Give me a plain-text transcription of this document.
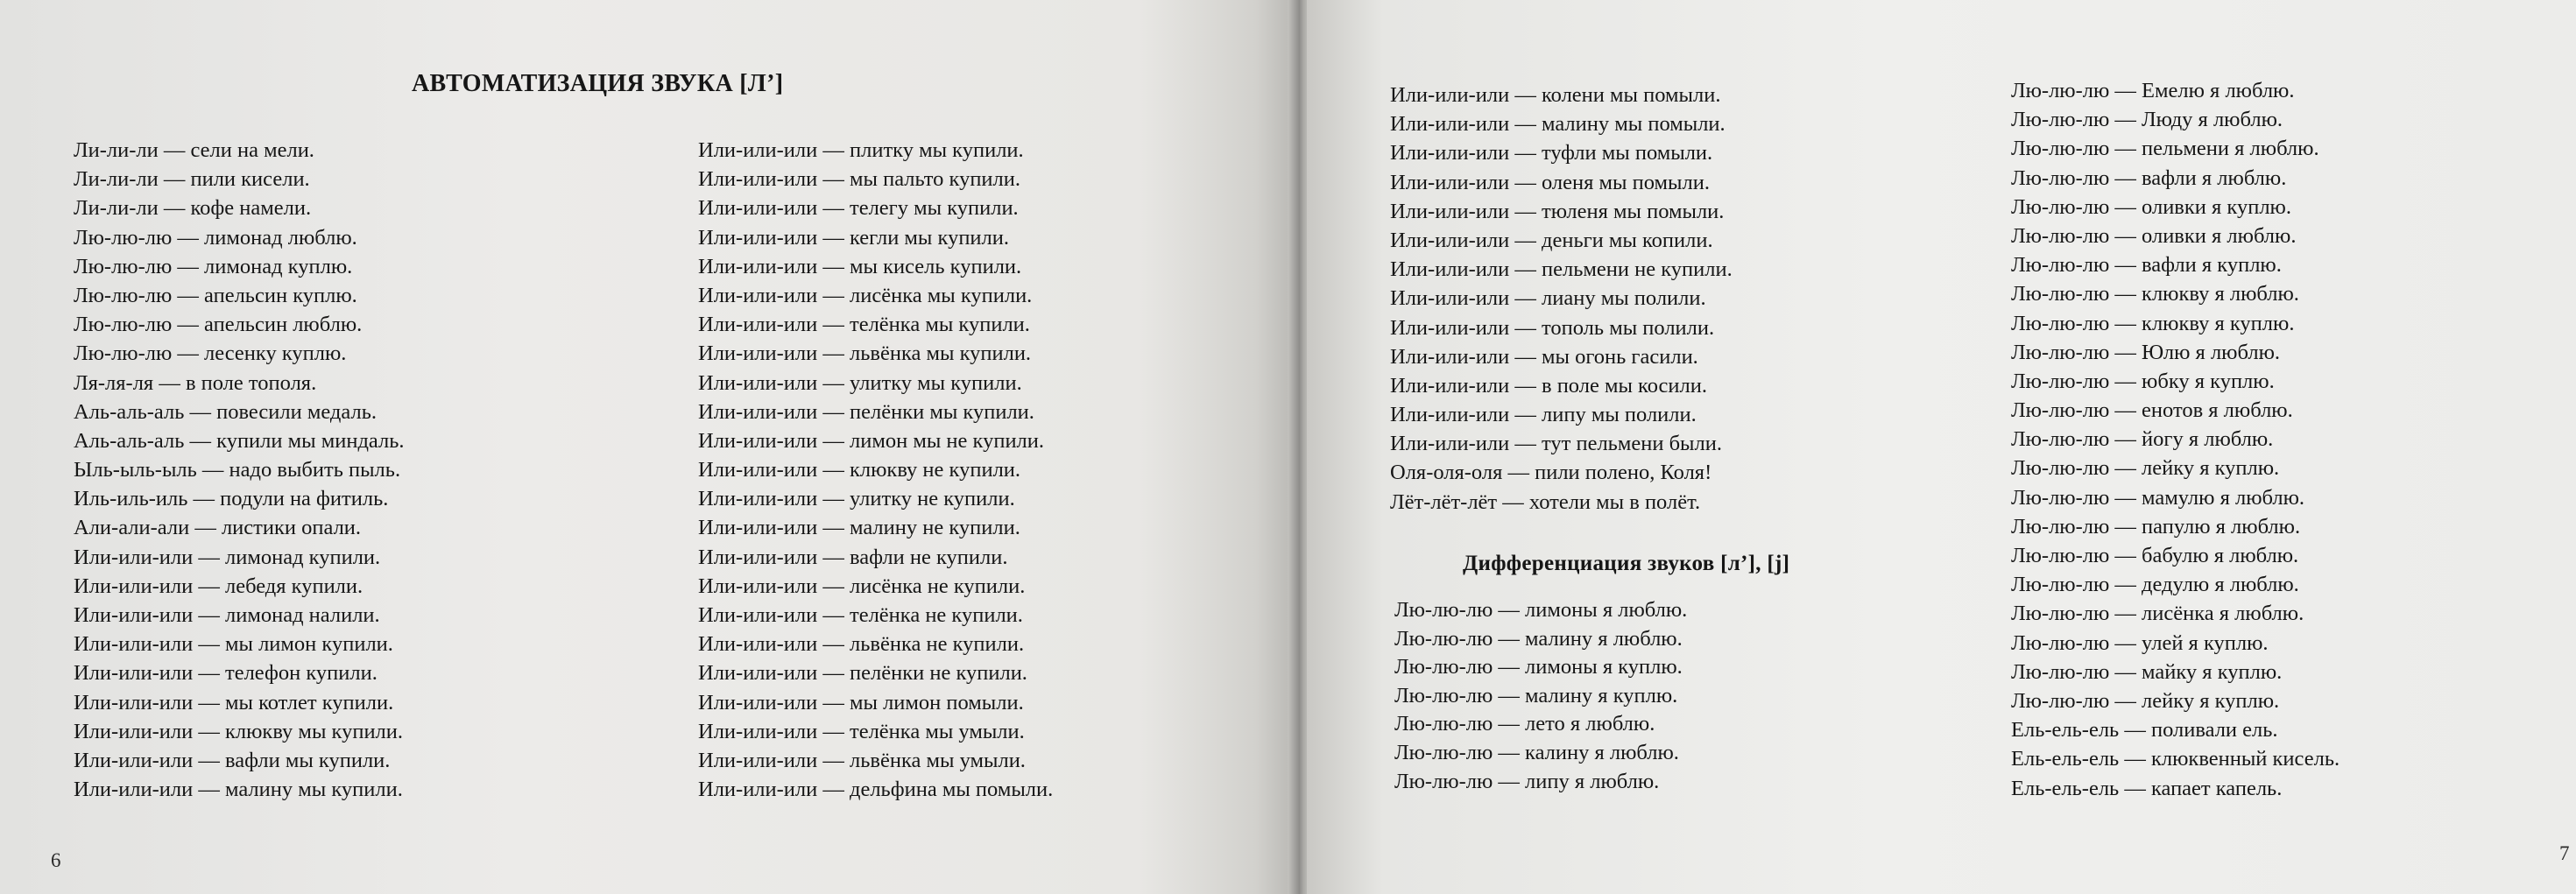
АВТОМАТИЗАЦИЯ ЗВУКА [Л’]
Ли-ли-ли — сели на мели.
Ли-ли-ли — пили кисели.
Ли-ли-ли — кофе намели.
Лю-лю-лю — лимонад люблю.
Лю-лю-лю — лимонад куплю.
Лю-лю-лю — апельсин куплю.
Лю-лю-лю — апельсин люблю.
Лю-лю-лю — лесенку куплю.
Ля-ля-ля — в поле тополя.
Аль-аль-аль — повесили медаль.
Аль-аль-аль — купили мы миндаль.
Ыль-ыль-ыль — надо выбить пыль.
Иль-иль-иль — подули на фитиль.
Али-али-али — листики опали.
Или-или-или — лимонад купили.
Или-или-или — лебедя купили.
Или-или-или — лимонад налили.
Или-или-или — мы лимон купили.
Или-или-или — телефон купили.
Или-или-или — мы котлет купили.
Или-или-или — клюкву мы купили.
Или-или-или — вафли мы купили.
Или-или-или — малину мы купили.
Или-или-или — плитку мы купили.
Или-или-или — мы пальто купили.
Или-или-или — телегу мы купили.
Или-или-или — кегли мы купили.
Или-или-или — мы кисель купили.
Или-или-или — лисёнка мы купили.
Или-или-или — телёнка мы купили.
Или-или-или — львёнка мы купили.
Или-или-или — улитку мы купили.
Или-или-или — пелёнки мы купили.
Или-или-или — лимон мы не купили.
Или-или-или — клюкву не купили.
Или-или-или — улитку не купили.
Или-или-или — малину не купили.
Или-или-или — вафли не купили.
Или-или-или — лисёнка не купили.
Или-или-или — телёнка не купили.
Или-или-или — львёнка не купили.
Или-или-или — пелёнки не купили.
Или-или-или — мы лимон помыли.
Или-или-или — телёнка мы умыли.
Или-или-или — львёнка мы умыли.
Или-или-или — дельфина мы помыли.
6
Или-или-или — колени мы помыли.
Или-или-или — малину мы помыли.
Или-или-или — туфли мы помыли.
Или-или-или — оленя мы помыли.
Или-или-или — тюленя мы помыли.
Или-или-или — деньги мы копили.
Или-или-или — пельмени не купили.
Или-или-или — лиану мы полили.
Или-или-или — тополь мы полили.
Или-или-или — мы огонь гасили.
Или-или-или — в поле мы косили.
Или-или-или — липу мы полили.
Или-или-или — тут пельмени были.
Оля-оля-оля — пили полено, Коля!
Лёт-лёт-лёт — хотели мы в полёт.
Дифференциация звуков [л’], [j]
Лю-лю-лю — лимоны я люблю.
Лю-лю-лю — малину я люблю.
Лю-лю-лю — лимоны я куплю.
Лю-лю-лю — малину я куплю.
Лю-лю-лю — лето я люблю.
Лю-лю-лю — калину я люблю.
Лю-лю-лю — липу я люблю.
Лю-лю-лю — Емелю я люблю.
Лю-лю-лю — Люду я люблю.
Лю-лю-лю — пельмени я люблю.
Лю-лю-лю — вафли я люблю.
Лю-лю-лю — оливки я куплю.
Лю-лю-лю — оливки я люблю.
Лю-лю-лю — вафли я куплю.
Лю-лю-лю — клюкву я люблю.
Лю-лю-лю — клюкву я куплю.
Лю-лю-лю — Юлю я люблю.
Лю-лю-лю — юбку я куплю.
Лю-лю-лю — енотов я люблю.
Лю-лю-лю — йогу я люблю.
Лю-лю-лю — лейку я куплю.
Лю-лю-лю — мамулю я люблю.
Лю-лю-лю — папулю я люблю.
Лю-лю-лю — бабулю я люблю.
Лю-лю-лю — дедулю я люблю.
Лю-лю-лю — лисёнка я люблю.
Лю-лю-лю — улей я куплю.
Лю-лю-лю — майку я куплю.
Лю-лю-лю — лейку я куплю.
Ель-ель-ель — поливали ель.
Ель-ель-ель — клюквенный кисель.
Ель-ель-ель — капает капель.
7
